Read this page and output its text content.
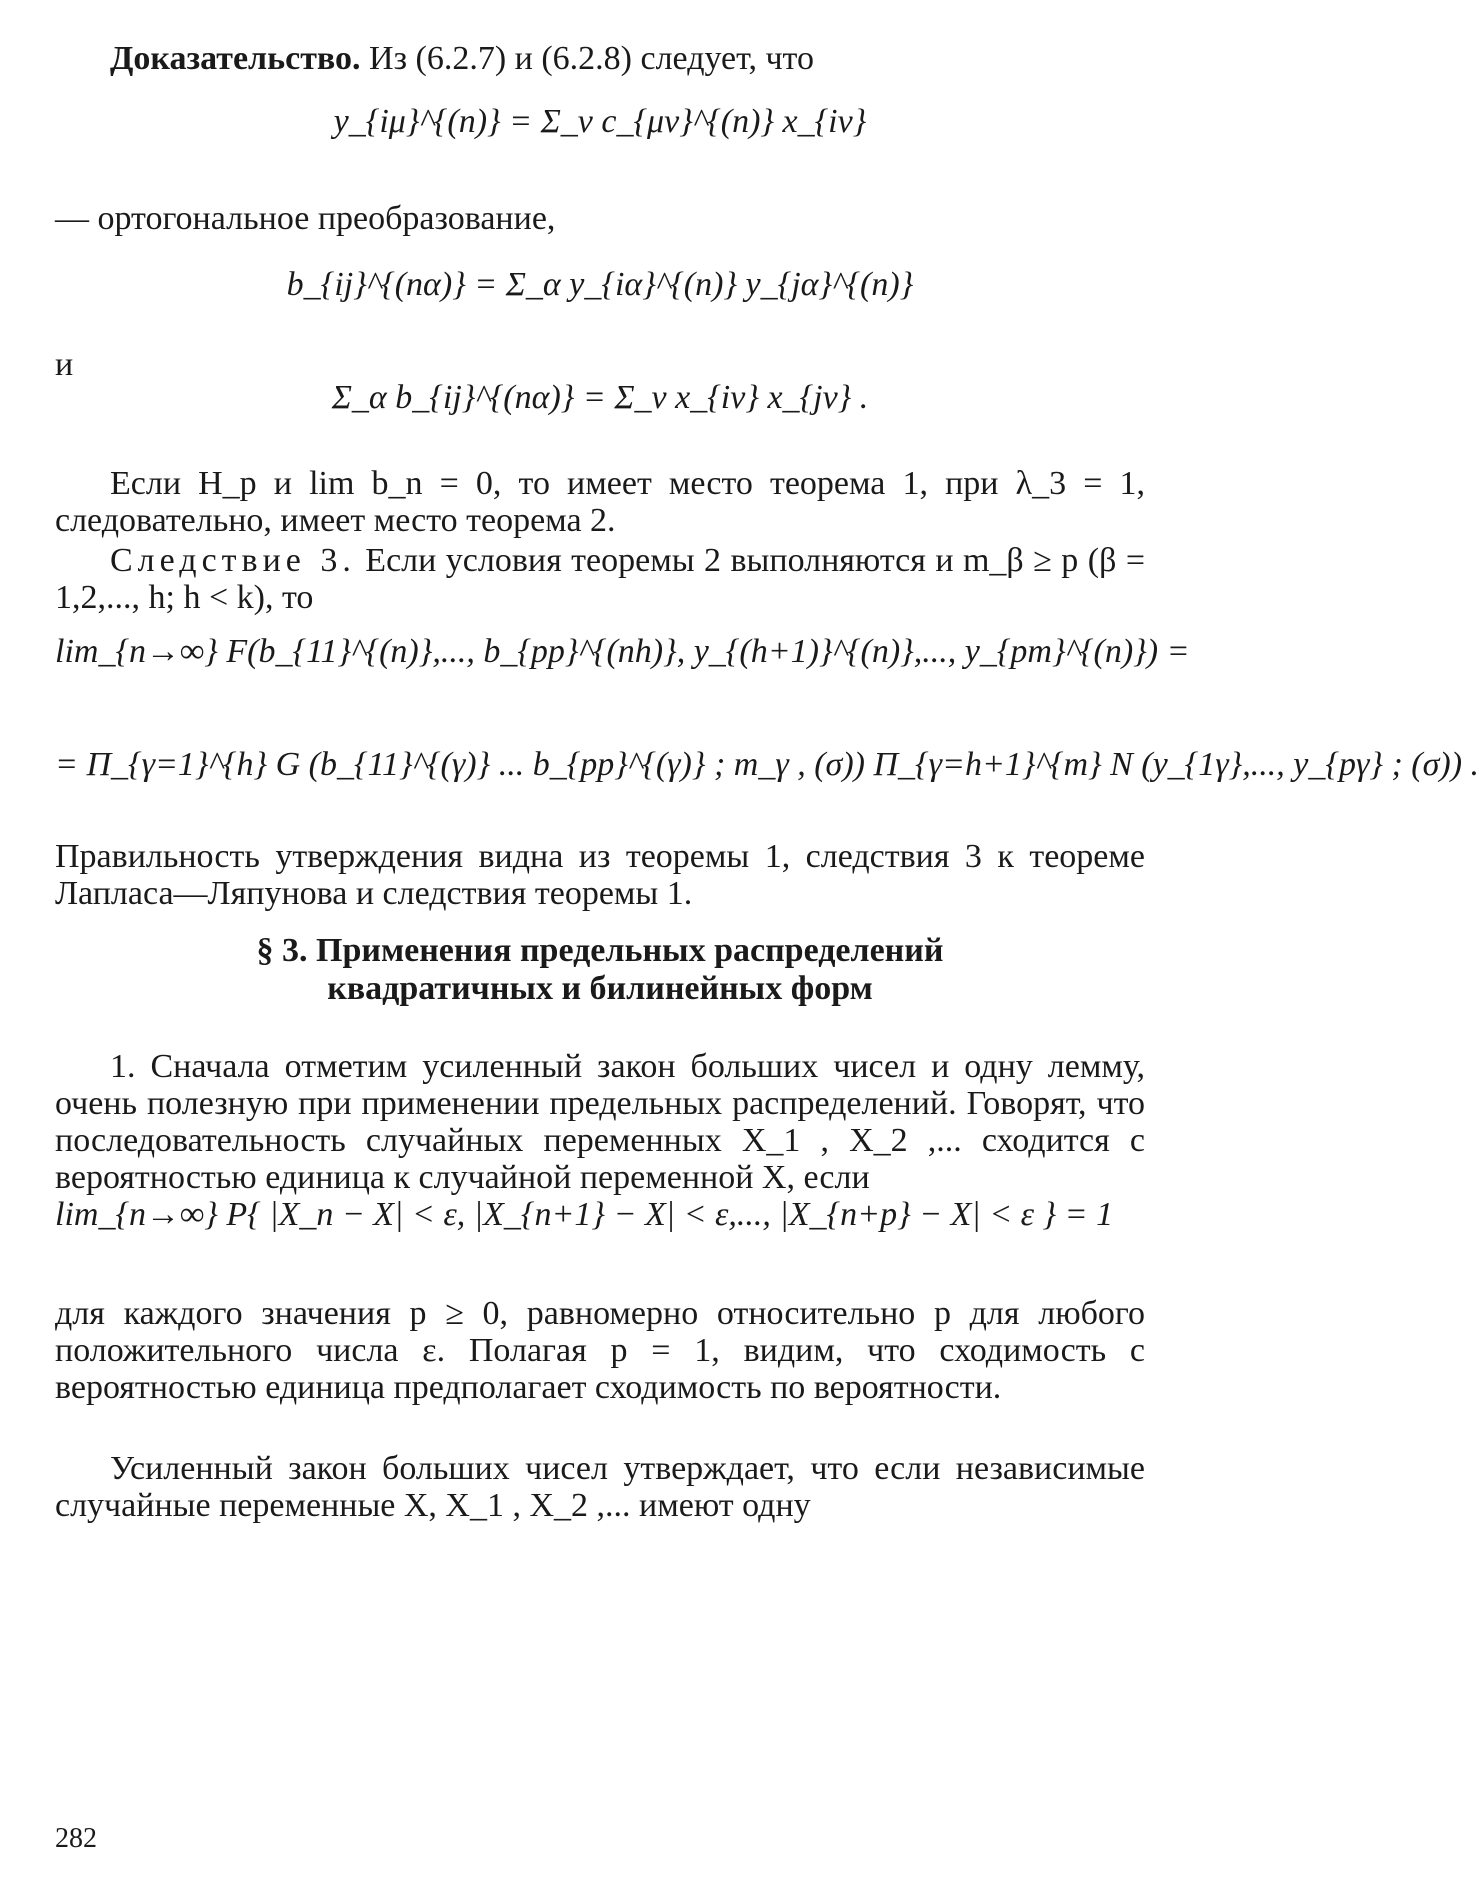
Доказательство. Из (6.2.7) и (6.2.8) следует, что

y_{iμ}^{(n)} = Σ_ν c_{μν}^{(n)} x_{iν}

— ортогональное преобразование,

b_{ij}^{(nα)} = Σ_α y_{iα}^{(n)} y_{jα}^{(n)}

и

Σ_α b_{ij}^{(nα)} = Σ_ν x_{iν} x_{jν} .

Если H_p и lim b_n = 0, то имеет место теорема 1, при λ_3 = 1, следовательно, имеет место теорема 2.

Следствие 3. Если условия теоремы 2 выполняются и m_β ≥ p (β = 1,2,..., h; h < k), то

lim_{n→∞} F(b_{11}^{(n)},..., b_{pp}^{(nh)}, y_{(h+1)}^{(n)},..., y_{pm}^{(n)}) =

= Π_{γ=1}^{h} G (b_{11}^{(γ)} ... b_{pp}^{(γ)} ; m_γ , (σ)) Π_{γ=h+1}^{m} N (y_{1γ},..., y_{pγ} ; (σ)) .

Правильность утверждения видна из теоремы 1, следствия 3 к теореме Лапласа—Ляпунова и следствия теоремы 1.

§ 3. Применения предельных распределений

квадратичных и билинейных форм

1. Сначала отметим усиленный закон больших чисел и одну лемму, очень полезную при применении предельных распределений. Говорят, что последовательность случайных переменных X_1 , X_2 ,... сходится с вероятностью единица к случайной переменной X, если

lim_{n→∞} P{ |X_n − X| < ε, |X_{n+1} − X| < ε,..., |X_{n+p} − X| < ε } = 1

для каждого значения p ≥ 0, равномерно относительно p для любого положительного числа ε. Полагая p = 1, видим, что сходимость с вероятностью единица предполагает сходимость по вероятности.

Усиленный закон больших чисел утверждает, что если независимые случайные переменные X, X_1 , X_2 ,... имеют одну

282
